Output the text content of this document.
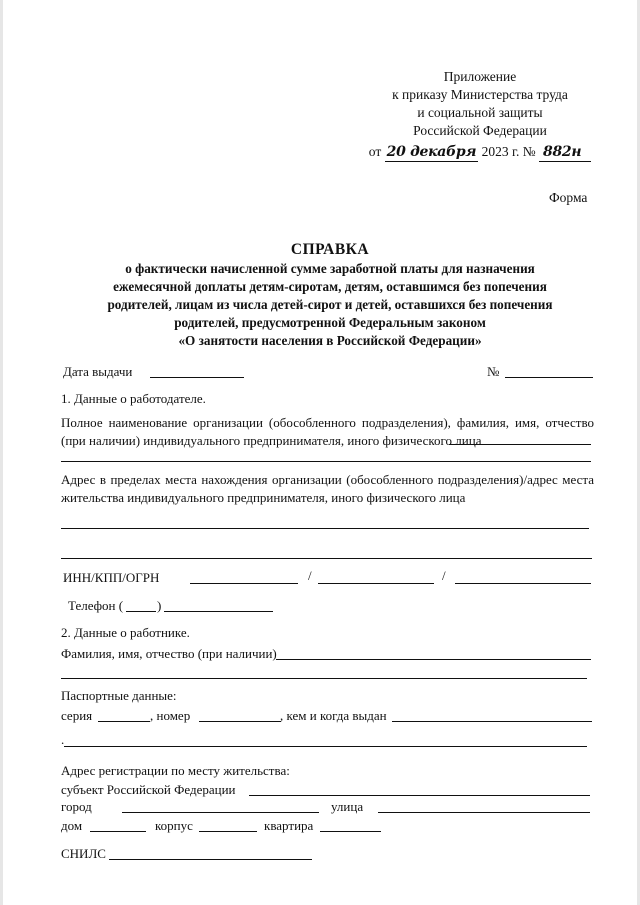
Приложение
к приказу Министерства труда
и социальной защиты
Российской Федерации
от 20 декабря 2023 г. № 882н
Форма
СПРАВКА
о фактически начисленной сумме заработной платы для назначения
ежемесячной доплаты детям-сиротам, детям, оставшимся без попечения
родителей, лицам из числа детей-сирот и детей, оставшихся без попечения
родителей, предусмотренной Федеральным законом
«О занятости населения в Российской Федерации»
Дата выдачи	№
1. Данные о работодателе.
Полное наименование организации (обособленного подразделения), фамилия, имя, отчество (при наличии) индивидуального предпринимателя, иного физического лица
Адрес в пределах места нахождения организации (обособленного подразделения)/адрес места жительства индивидуального предпринимателя, иного физического лица
ИНН/КПП/ОГРН	/	/
Телефон (	)
2. Данные о работнике.
Фамилия, имя, отчество (при наличии)
Паспортные данные:
серия	, номер	, кем и когда выдан
.
Адрес регистрации по месту жительства:
субъект Российской Федерации
город	улица
дом	корпус	квартира
СНИЛС
